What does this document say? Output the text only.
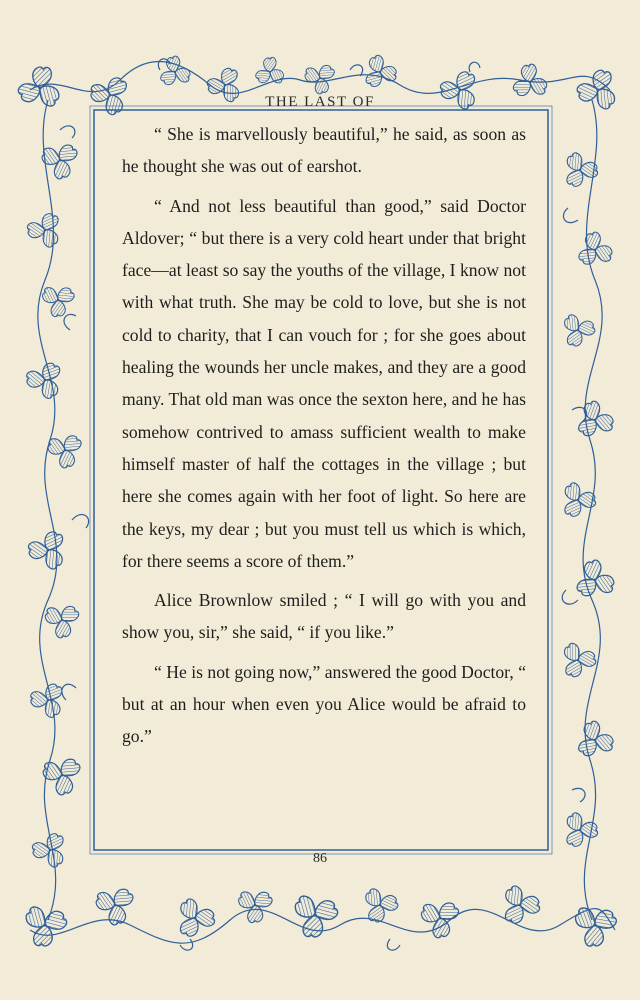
THE LAST OF

“ She is marvellously beautiful,” he said, as soon as he thought she was out of earshot.

“ And not less beautiful than good,” said Doctor Aldover; “ but there is a very cold heart under that bright face—at least so say the youths of the village, I know not with what truth. She may be cold to love, but she is not cold to charity, that I can vouch for ; for she goes about healing the wounds her uncle makes, and they are a good many. That old man was once the sexton here, and he has somehow contrived to amass sufficient wealth to make himself master of half the cottages in the village ; but here she comes again with her foot of light. So here are the keys, my dear ; but you must tell us which is which, for there seems a score of them.”

Alice Brownlow smiled ; “ I will go with you and show you, sir,” she said, “ if you like.”

“ He is not going now,” answered the good Doctor, “ but at an hour when even you Alice would be afraid to go.”

86
